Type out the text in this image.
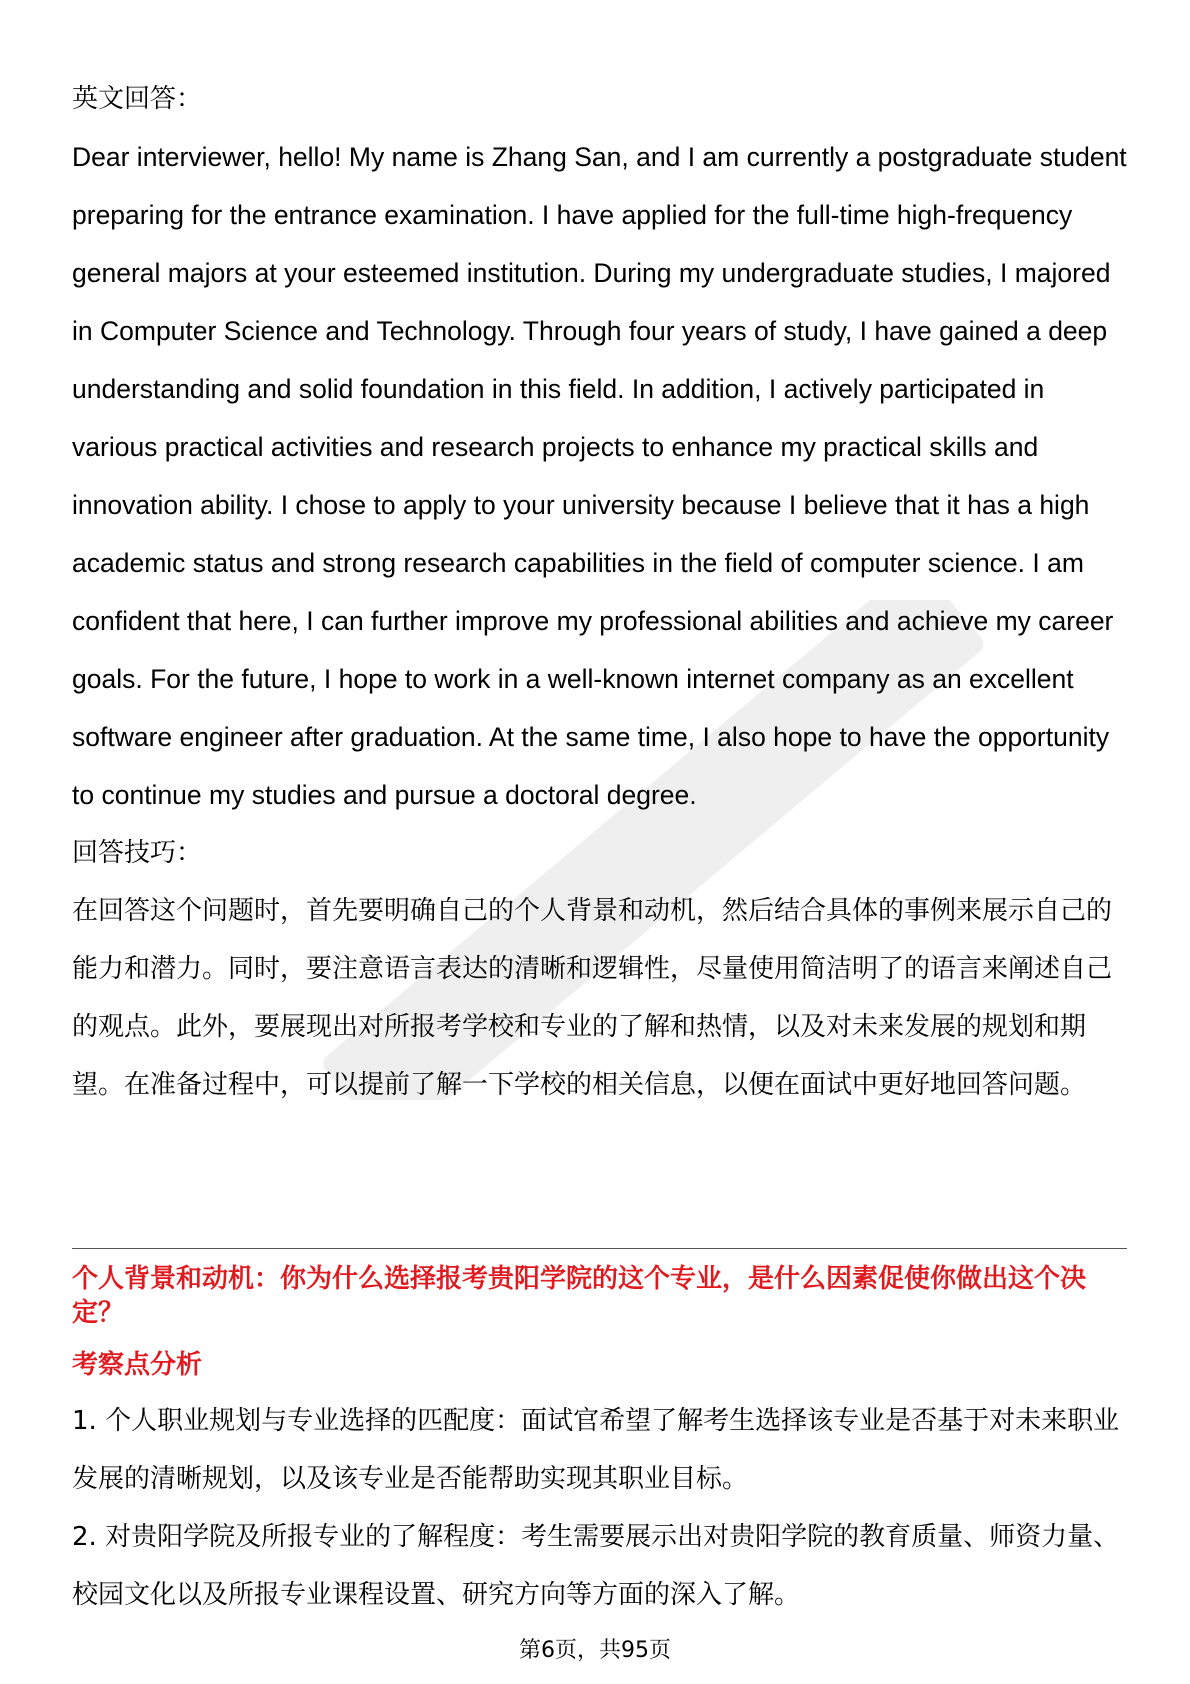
英文回答：

Dear interviewer, hello! My name is Zhang San, and I am currently a postgraduate student preparing for the entrance examination. I have applied for the full-time high-frequency general majors at your esteemed institution. During my undergraduate studies, I majored in Computer Science and Technology. Through four years of study, I have gained a deep understanding and solid foundation in this field. In addition, I actively participated in various practical activities and research projects to enhance my practical skills and innovation ability. I chose to apply to your university because I believe that it has a high academic status and strong research capabilities in the field of computer science. I am confident that here, I can further improve my professional abilities and achieve my career goals. For the future, I hope to work in a well-known internet company as an excellent software engineer after graduation. At the same time, I also hope to have the opportunity to continue my studies and pursue a doctoral degree.

回答技巧：

在回答这个问题时，首先要明确自己的个人背景和动机，然后结合具体的事例来展示自己的能力和潜力。同时，要注意语言表达的清晰和逻辑性，尽量使用简洁明了的语言来阐述自己的观点。此外，要展现出对所报考学校和专业的了解和热情，以及对未来发展的规划和期望。在准备过程中，可以提前了解一下学校的相关信息，以便在面试中更好地回答问题。

个人背景和动机：你为什么选择报考贵阳学院的这个专业，是什么因素促使你做出这个决定？

考察点分析

1. 个人职业规划与专业选择的匹配度：面试官希望了解考生选择该专业是否基于对未来职业发展的清晰规划，以及该专业是否能帮助实现其职业目标。

2. 对贵阳学院及所报专业的了解程度：考生需要展示出对贵阳学院的教育质量、师资力量、校园文化以及所报专业课程设置、研究方向等方面的深入了解。

第6页，共95页
